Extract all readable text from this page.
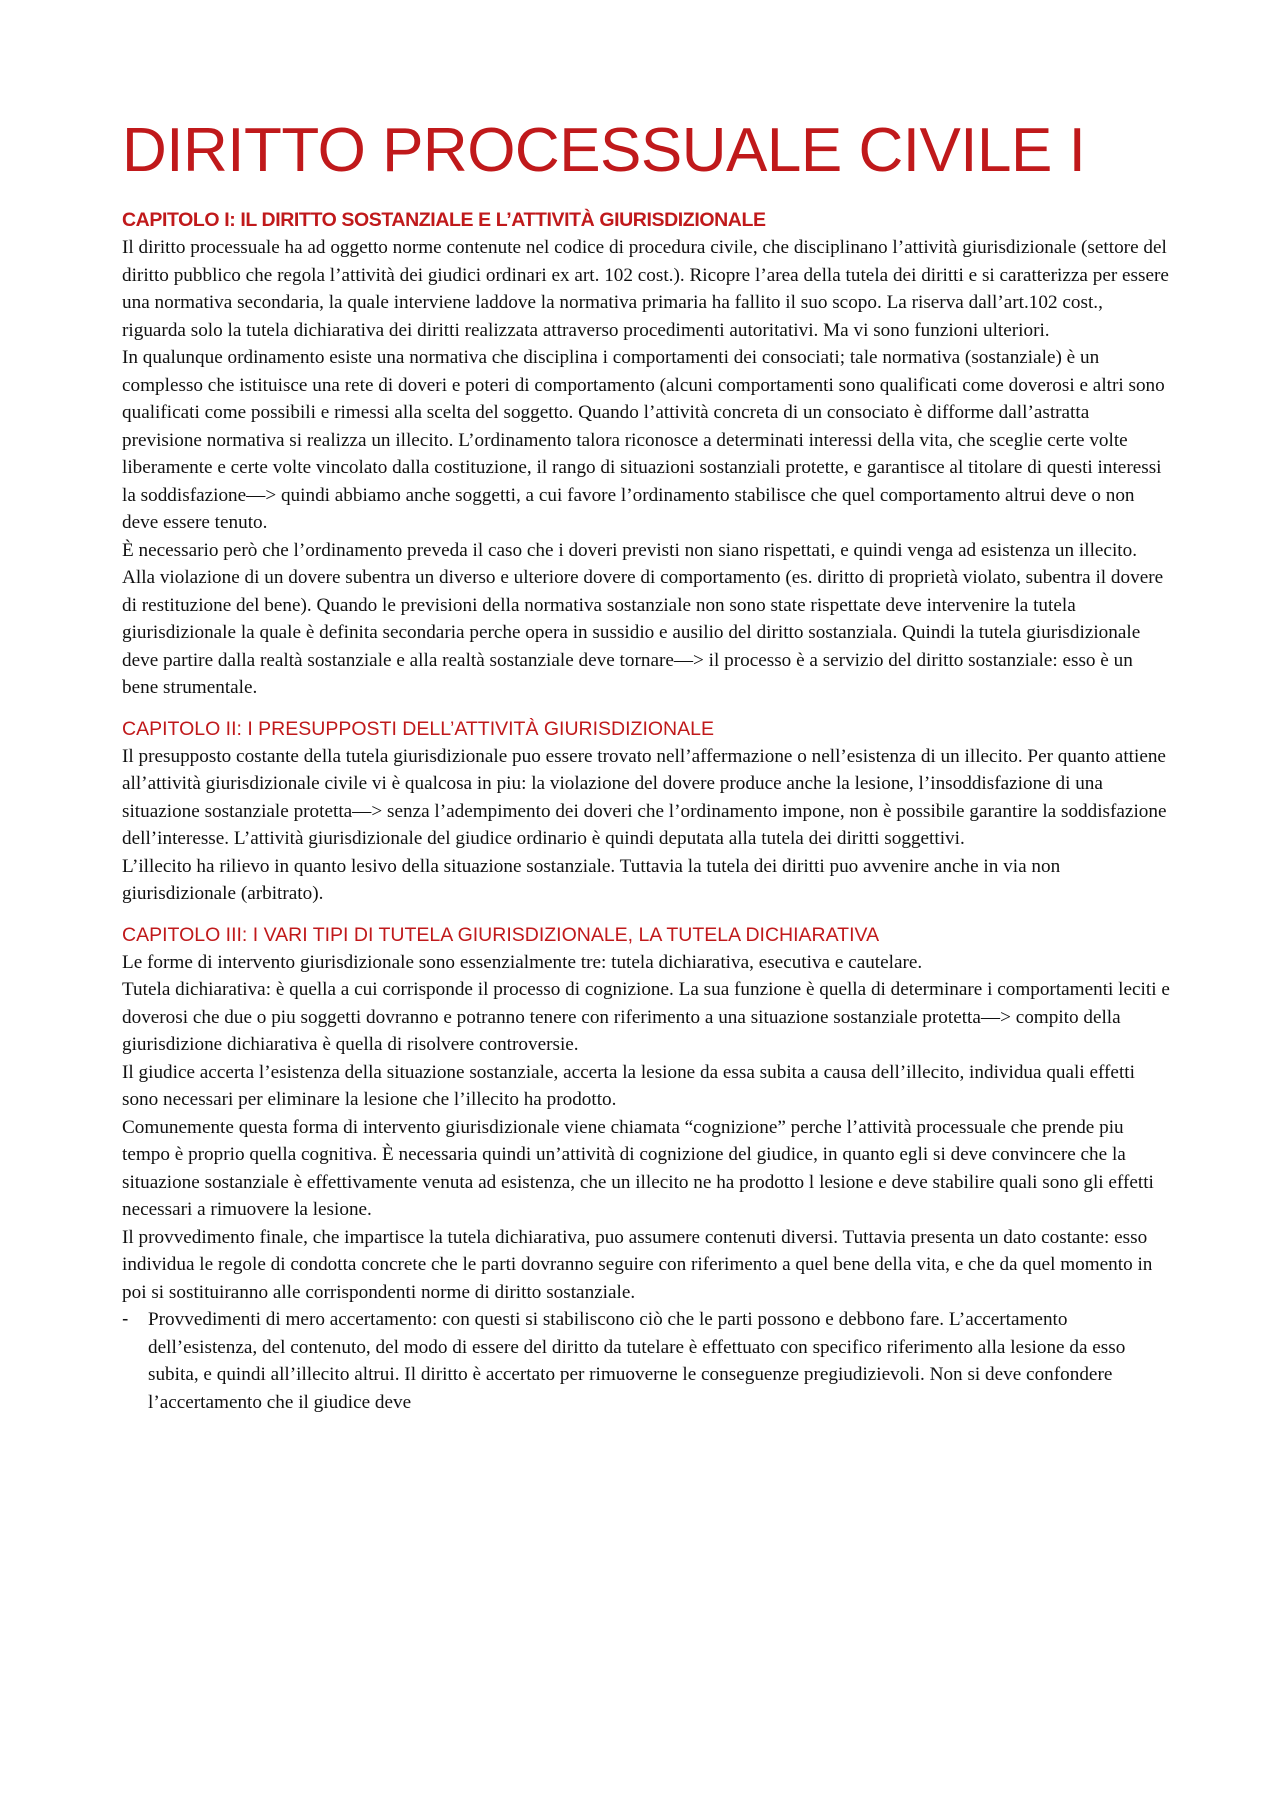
DIRITTO PROCESSUALE CIVILE I
CAPITOLO I: IL DIRITTO SOSTANZIALE E L’ATTIVITÀ GIURISDIZIONALE

Il diritto processuale ha ad oggetto norme contenute nel codice di procedura civile, che disciplinano l’attività giurisdizionale (settore del diritto pubblico che regola l’attività dei giudici ordinari ex art. 102 cost.). Ricopre l’area della tutela dei diritti e si caratterizza per essere una normativa secondaria, la quale interviene laddove la normativa primaria ha fallito il suo scopo. La riserva dall’art.102 cost., riguarda solo la tutela dichiarativa dei diritti realizzata attraverso procedimenti autoritativi. Ma vi sono funzioni ulteriori.

In qualunque ordinamento esiste una normativa che disciplina i comportamenti dei consociati; tale normativa (sostanziale) è un complesso che istituisce una rete di doveri e poteri di comportamento (alcuni comportamenti sono qualificati come doverosi e altri sono qualificati come possibili e rimessi alla scelta del soggetto. Quando l’attività concreta di un consociato è difforme dall’astratta previsione normativa si realizza un illecito. L’ordinamento talora riconosce a determinati interessi della vita, che sceglie certe volte liberamente e certe volte vincolato dalla costituzione, il rango di situazioni sostanziali protette, e garantisce al titolare di questi interessi la soddisfazione—> quindi abbiamo anche soggetti, a cui favore l’ordinamento stabilisce che quel comportamento altrui deve o non deve essere tenuto.

È necessario però che l’ordinamento preveda il caso che i doveri previsti non siano rispettati, e quindi venga ad esistenza un illecito. Alla violazione di un dovere subentra un diverso e ulteriore dovere di comportamento (es. diritto di proprietà violato, subentra il dovere di restituzione del bene). Quando le previsioni della normativa sostanziale non sono state rispettate deve intervenire la tutela giurisdizionale la quale è definita secondaria perche opera in sussidio e ausilio del diritto sostanziala. Quindi la tutela giurisdizionale deve partire dalla realtà sostanziale e alla realtà sostanziale deve tornare—> il processo è a servizio del diritto sostanziale: esso è un bene strumentale.

CAPITOLO II: I PRESUPPOSTI DELL’ATTIVITÀ GIURISDIZIONALE

Il presupposto costante della tutela giurisdizionale puo essere trovato nell’affermazione o nell’esistenza di un illecito. Per quanto attiene all’attività giurisdizionale civile vi è qualcosa in piu: la violazione del dovere produce anche la lesione, l’insoddisfazione di una situazione sostanziale protetta—> senza l’adempimento dei doveri che l’ordinamento impone, non è possibile garantire la soddisfazione dell’interesse. L’attività giurisdizionale del giudice ordinario è quindi deputata alla tutela dei diritti soggettivi.

L’illecito ha rilievo in quanto lesivo della situazione sostanziale. Tuttavia la tutela dei diritti puo avvenire anche in via non giurisdizionale (arbitrato).

CAPITOLO III: I VARI TIPI DI TUTELA GIURISDIZIONALE, LA TUTELA DICHIARATIVA

Le forme di intervento giurisdizionale sono essenzialmente tre: tutela dichiarativa, esecutiva e cautelare.

Tutela dichiarativa: è quella a cui corrisponde il processo di cognizione. La sua funzione è quella di determinare i comportamenti leciti e doverosi che due o piu soggetti dovranno e potranno tenere con riferimento a una situazione sostanziale protetta—> compito della giurisdizione dichiarativa è quella di risolvere controversie.

Il giudice accerta l’esistenza della situazione sostanziale, accerta la lesione da essa subita a causa dell’illecito, individua quali effetti sono necessari per eliminare la lesione che l’illecito ha prodotto.

Comunemente questa forma di intervento giurisdizionale viene chiamata “cognizione” perche l’attività processuale che prende piu tempo è proprio quella cognitiva. È necessaria quindi un’attività di cognizione del giudice, in quanto egli si deve convincere che la situazione sostanziale è effettivamente venuta ad esistenza, che un illecito ne ha prodotto l lesione e deve stabilire quali sono gli effetti necessari a rimuovere la lesione.

Il provvedimento finale, che impartisce la tutela dichiarativa, puo assumere contenuti diversi. Tuttavia presenta un dato costante: esso individua le regole di condotta concrete che le parti dovranno seguire con riferimento a quel bene della vita, e che da quel momento in poi si sostituiranno alle corrispondenti norme di diritto sostanziale.

-	Provvedimenti di mero accertamento: con questi si stabiliscono ciò che le parti possono e debbono fare. L’accertamento dell’esistenza, del contenuto, del modo di essere del diritto da tutelare è effettuato con specifico riferimento alla lesione da esso subita, e quindi all’illecito altrui. Il diritto è accertato per rimuoverne le conseguenze pregiudizievoli. Non si deve confondere l’accertamento che il giudice deve
